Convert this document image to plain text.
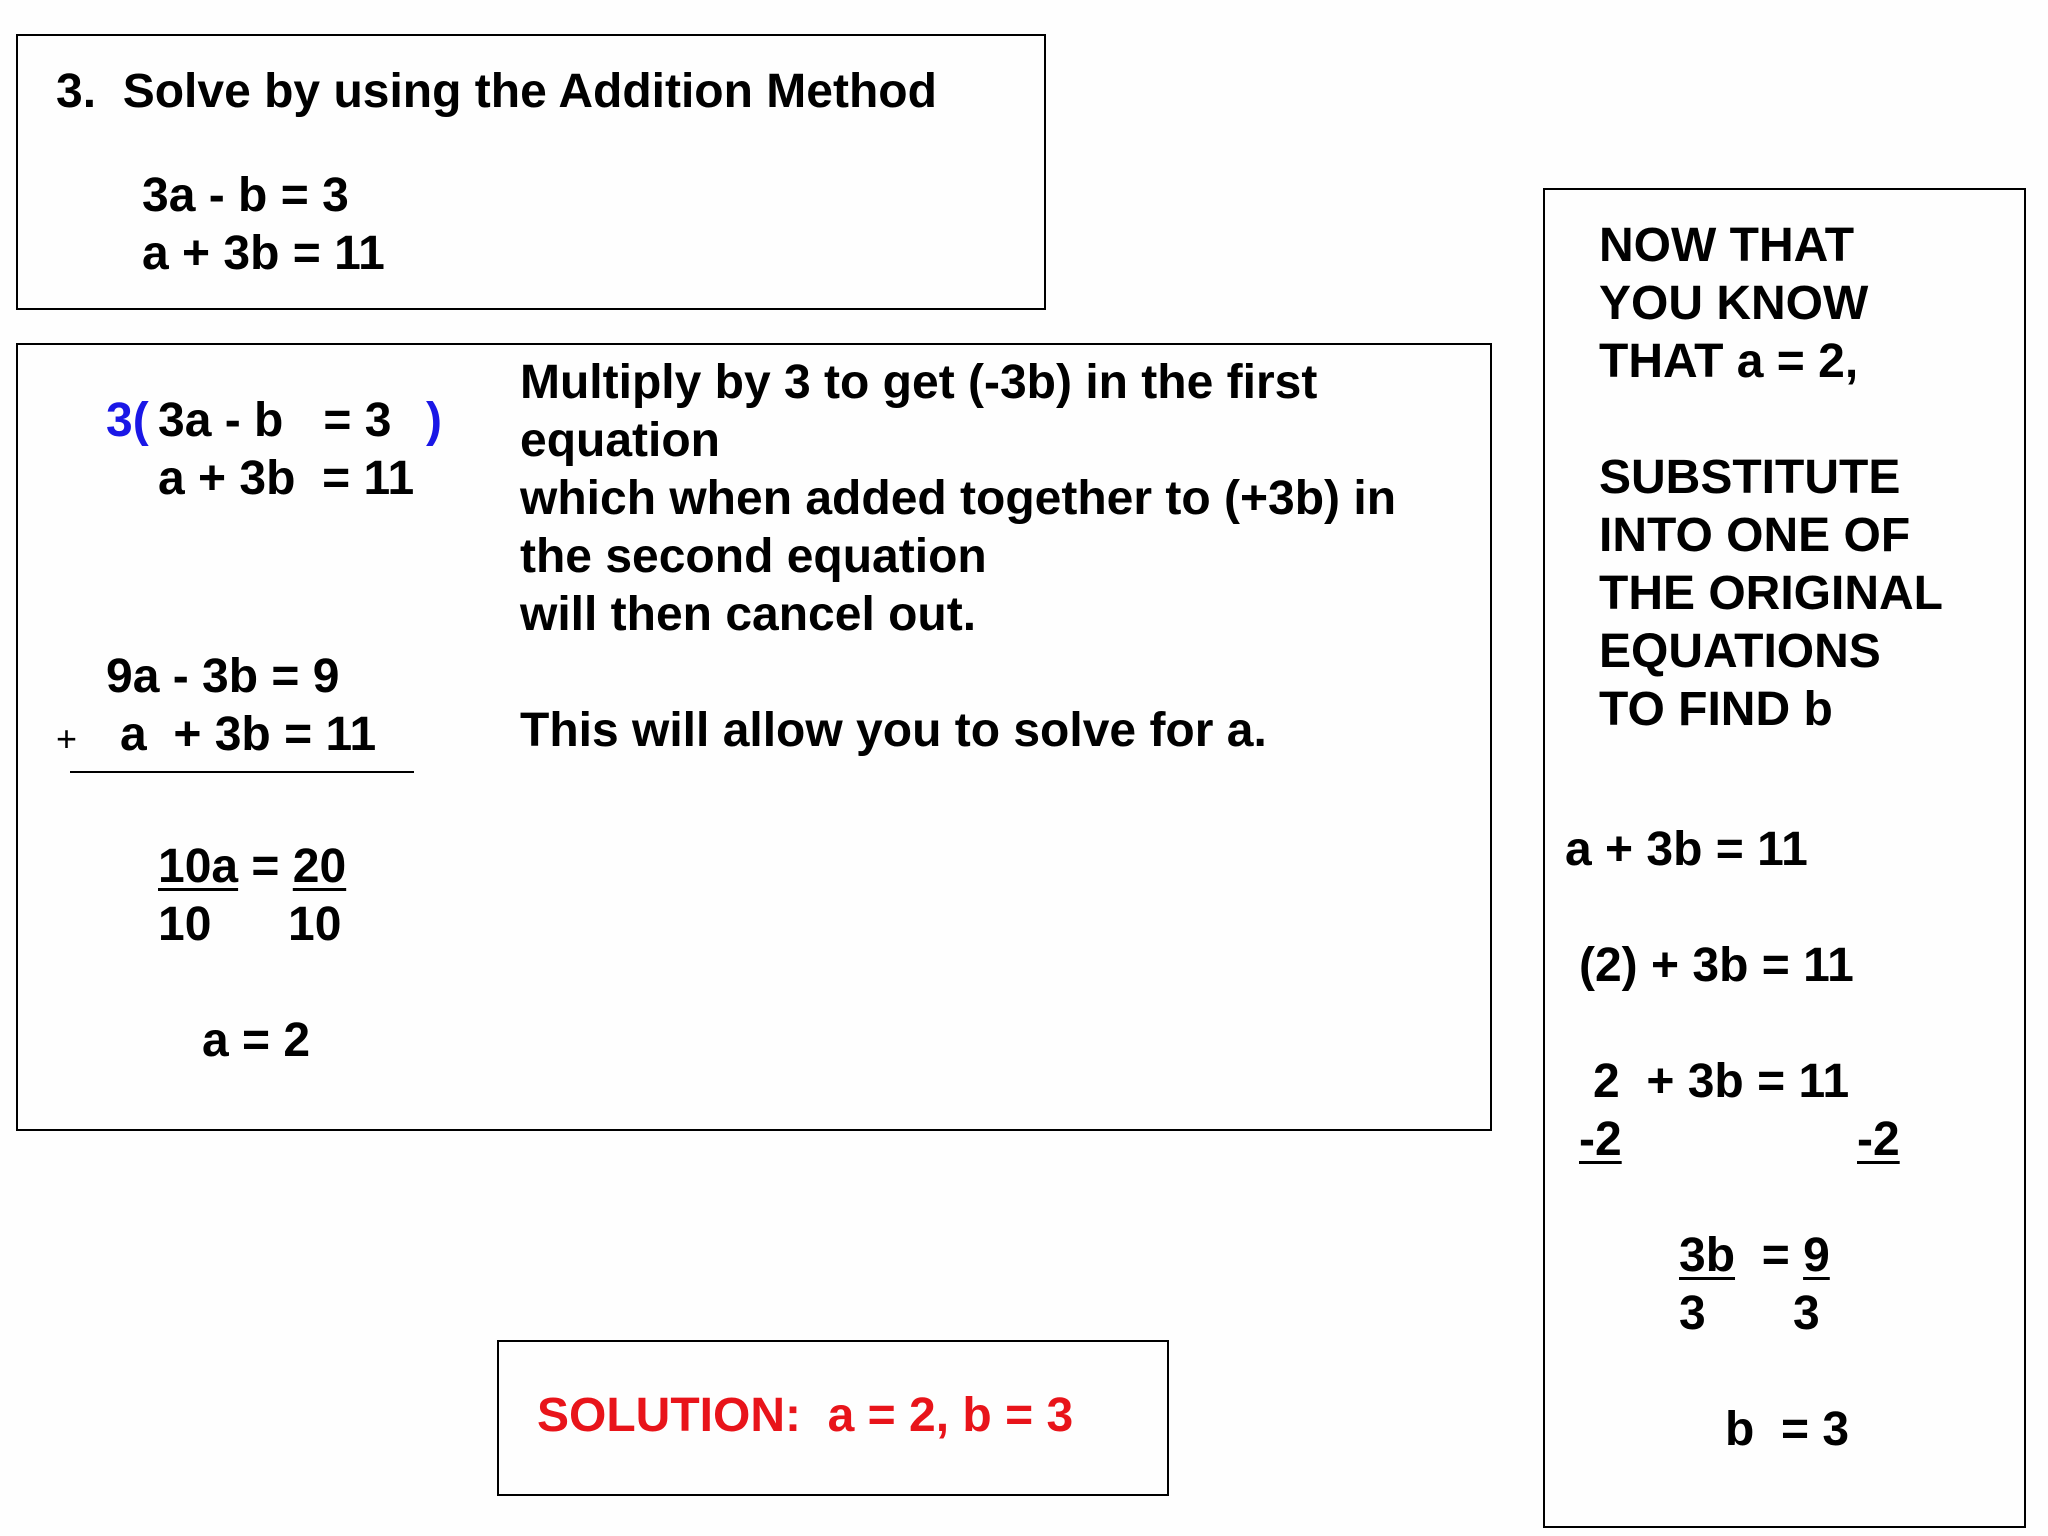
3.  Solve by using the Addition Method
3a - b = 3
a + 3b = 11
3( 3a - b   = 3 )
a + 3b  = 11
9a - 3b = 9
+ a  + 3b = 11
10a = 20
10 10
a = 2
Multiply by 3 to get (-3b) in the first
equation
which when added together to (+3b) in
the second equation
will then cancel out.
This will allow you to solve for a.
SOLUTION:  a = 2, b = 3
NOW THAT
YOU KNOW
THAT a = 2,
SUBSTITUTE
INTO ONE OF
THE ORIGINAL
EQUATIONS
TO FIND b
a + 3b = 11
(2) + 3b = 11
2  + 3b = 11
-2	-2
3b  = 9
3 3
b  = 3
